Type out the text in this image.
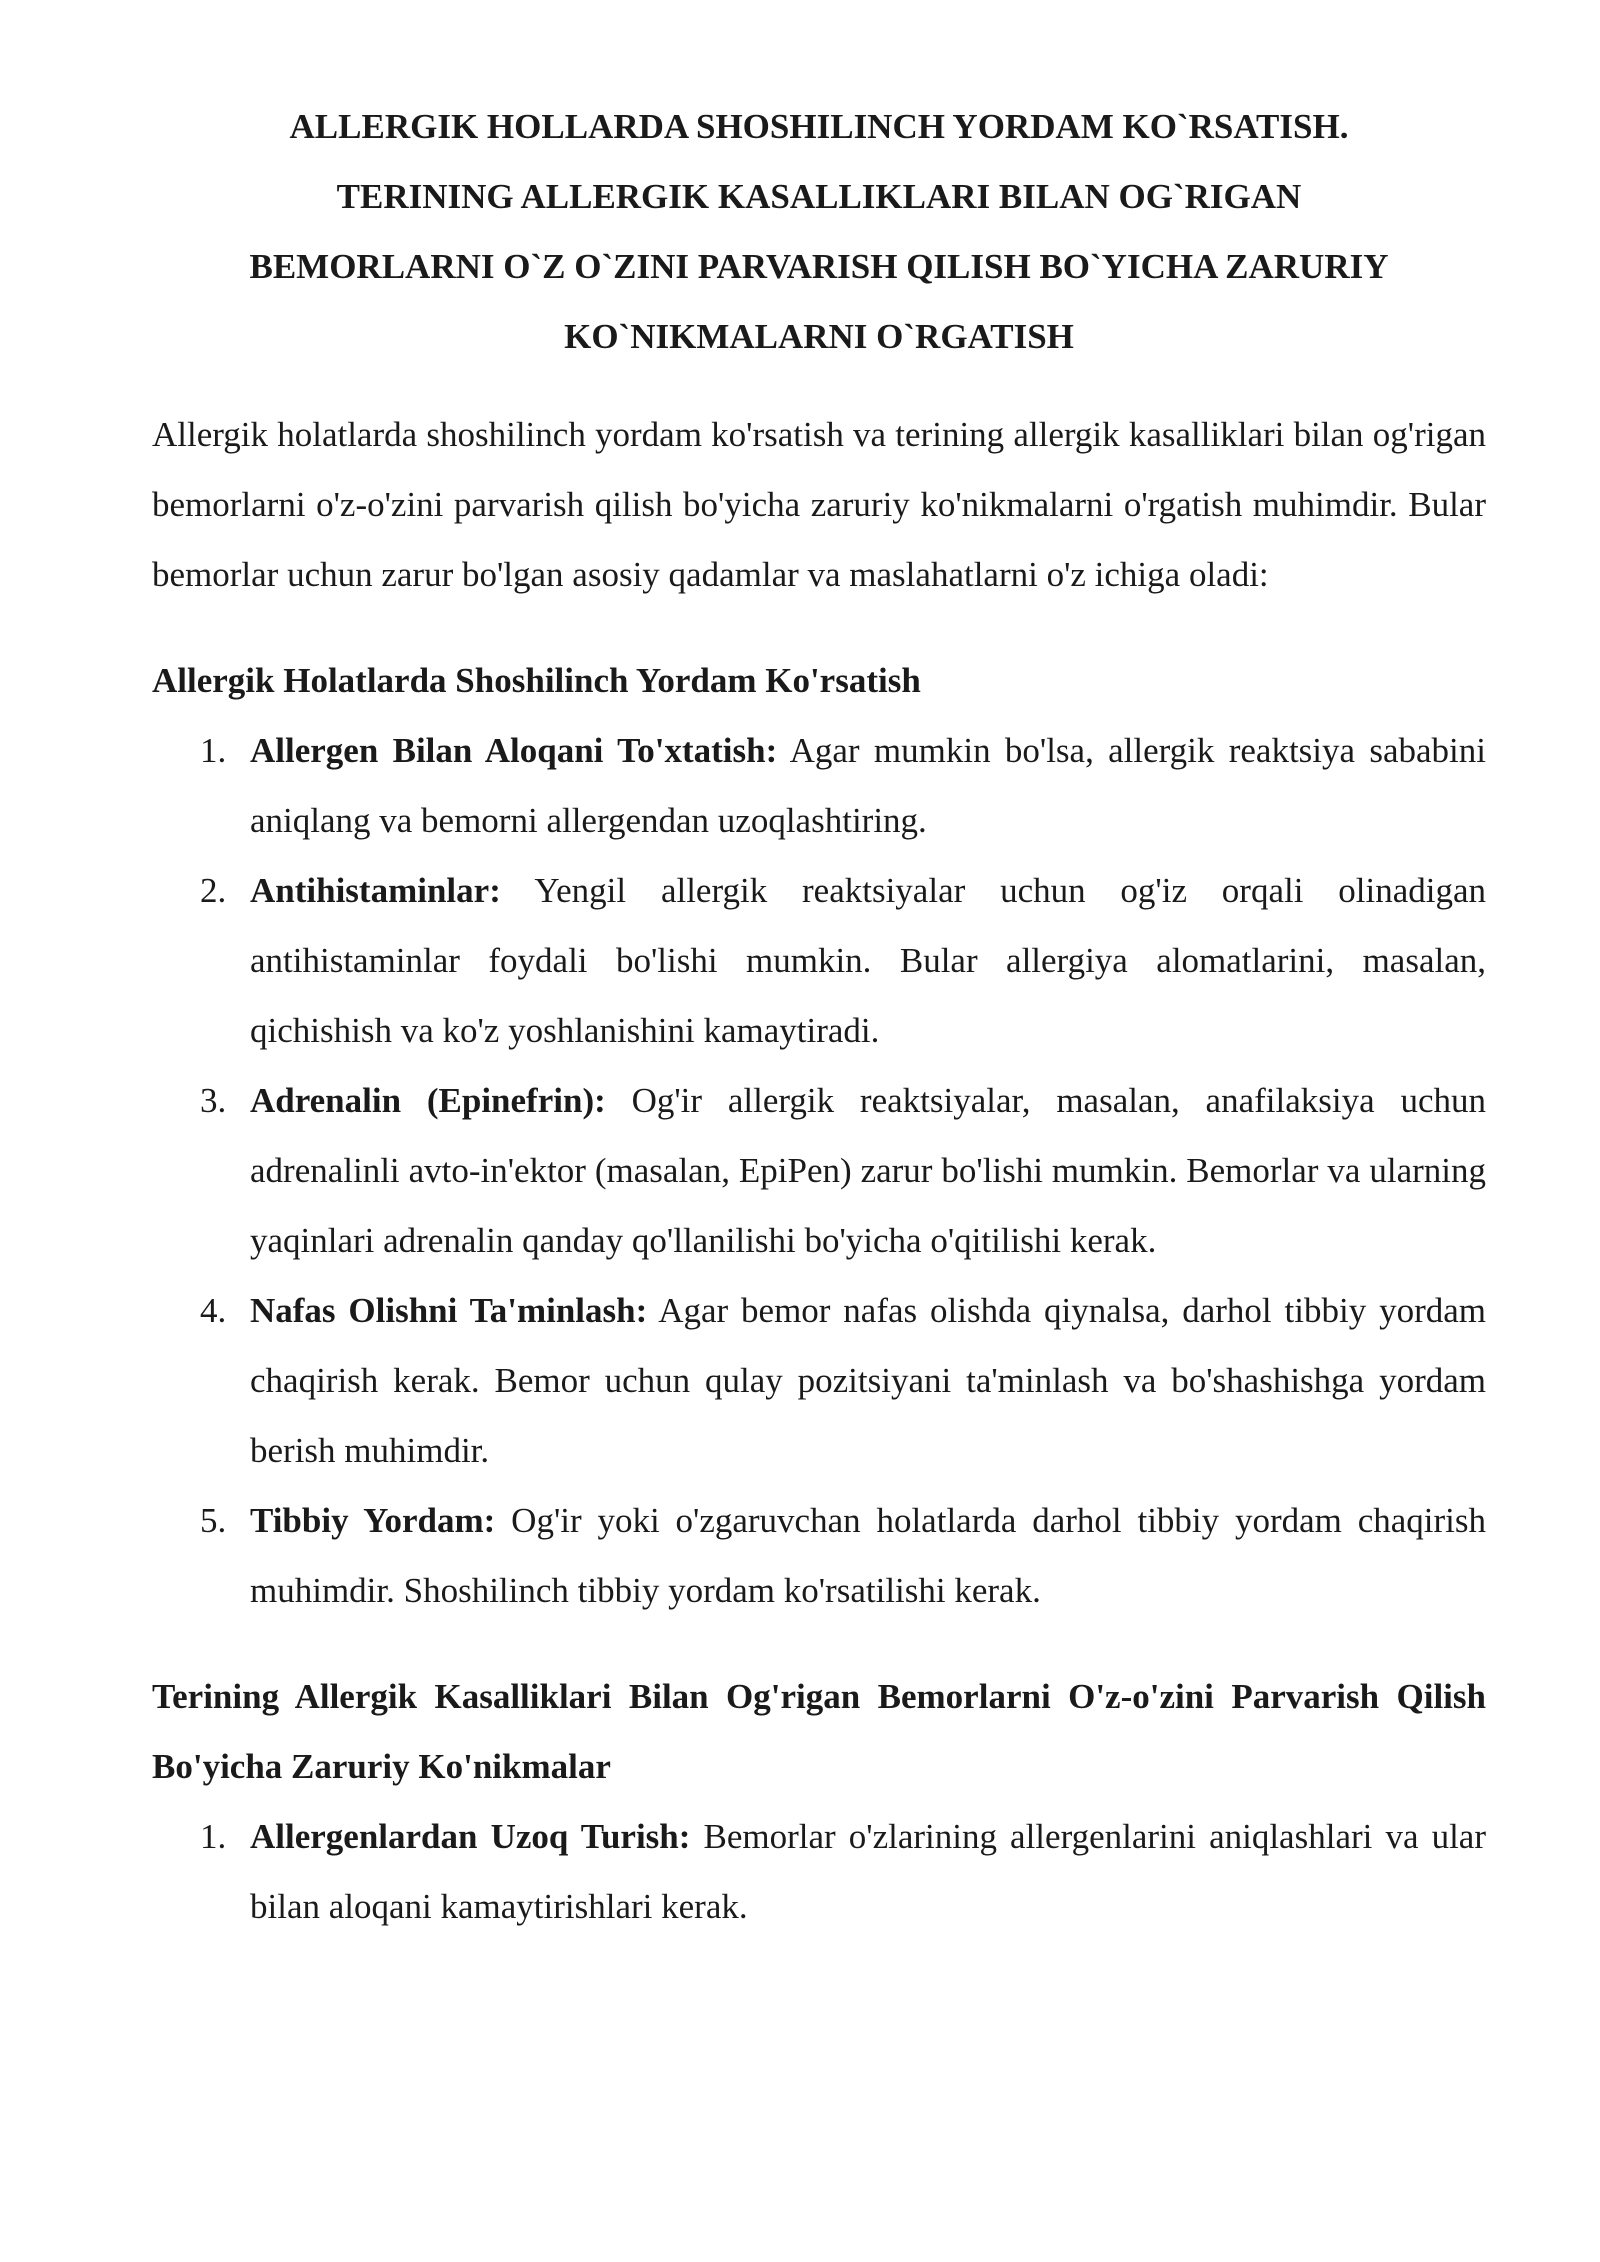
ALLERGIK HOLLARDA SHOSHILINCH YORDAM KO`RSATISH.
TERINING ALLERGIK KASALLIKLARI BILAN OG`RIGAN
BEMORLARNI O`Z O`ZINI PARVARISH QILISH BO`YICHA ZARURIY
KO`NIKMALARNI O`RGATISH

Allergik holatlarda shoshilinch yordam ko'rsatish va terining allergik kasalliklari bilan og'rigan bemorlarni o'z-o'zini parvarish qilish bo'yicha zaruriy ko'nikmalarni o'rgatish muhimdir. Bular bemorlar uchun zarur bo'lgan asosiy qadamlar va maslahatlarni o'z ichiga oladi:

Allergik Holatlarda Shoshilinch Yordam Ko'rsatish
1. Allergen Bilan Aloqani To'xtatish: Agar mumkin bo'lsa, allergik reaktsiya sababini aniqlang va bemorni allergendan uzoqlashtiring.
2. Antihistaminlar: Yengil allergik reaktsiyalar uchun og'iz orqali olinadigan antihistaminlar foydali bo'lishi mumkin. Bular allergiya alomatlarini, masalan, qichishish va ko'z yoshlanishini kamaytiradi.
3. Adrenalin (Epinefrin): Og'ir allergik reaktsiyalar, masalan, anafilaksiya uchun adrenalinli avto-in'ektor (masalan, EpiPen) zarur bo'lishi mumkin. Bemorlar va ularning yaqinlari adrenalin qanday qo'llanilishi bo'yicha o'qitilishi kerak.
4. Nafas Olishni Ta'minlash: Agar bemor nafas olishda qiynalsa, darhol tibbiy yordam chaqirish kerak. Bemor uchun qulay pozitsiyani ta'minlash va bo'shashishga yordam berish muhimdir.
5. Tibbiy Yordam: Og'ir yoki o'zgaruvchan holatlarda darhol tibbiy yordam chaqirish muhimdir. Shoshilinch tibbiy yordam ko'rsatilishi kerak.
Terining Allergik Kasalliklari Bilan Og'rigan Bemorlarni O'z-o'zini Parvarish Qilish Bo'yicha Zaruriy Ko'nikmalar
1. Allergenlardan Uzoq Turish: Bemorlar o'zlarining allergenlarini aniqlashlari va ular bilan aloqani kamaytirishlari kerak.
